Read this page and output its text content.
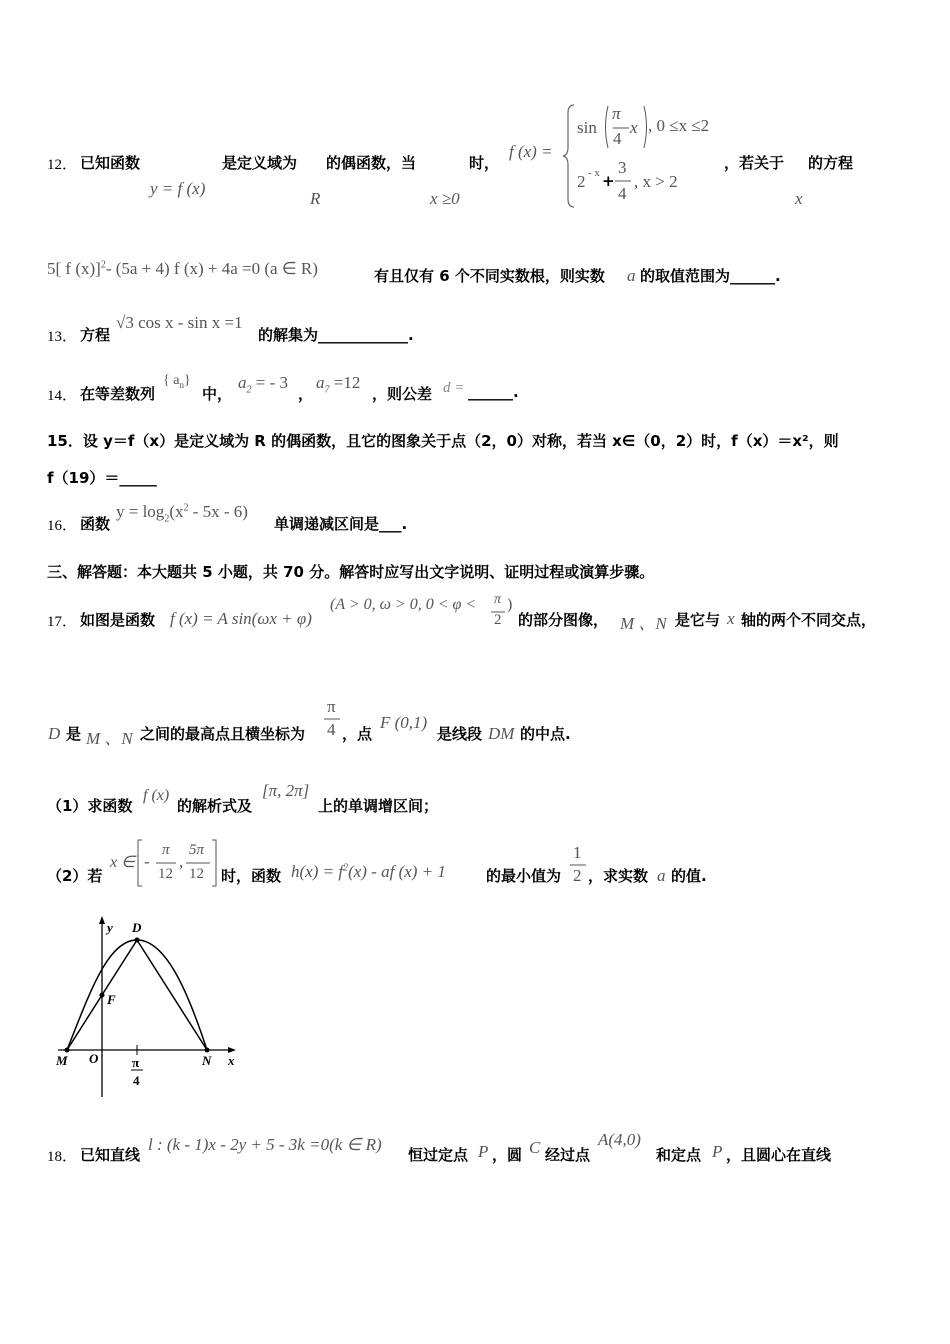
12． 已知函数
y = f (x)
是定义域为
R
的偶函数，当
x ≥0
时，
f (x) =
sin
π
4
x , 0 ≤x ≤2
2 - x +
3
4
, x > 2
，若关于
x
的方程
5[ f (x)]$^2$- (5a + 4) f (x) + 4a =0 (a ∈ R)	有且仅有 6 个不同实数根，则实数 a 的取值范围为______.
13． 方程
√3 cos x - sin x =1
的解集为____________.
14． 在等差数列
{ $a_n$}
中，
$a_2$ = - 3
，
$a_7 =12$
，则公差 d = ______.
15．设 y＝f（x）是定义域为 R 的偶函数，且它的图象关于点（2，0）对称，若当 x∈（0，2）时，f（x）＝x²，则
f（19）＝_____
16． 函数
$y = \log_2(x^2 - 5x - 6)$
单调递减区间是___.
三、解答题：本大题共 5 小题，共 70 分。解答时应写出文字说明、证明过程或演算步骤。
17． 如图是函数 f (x) = A sin(ωx + φ)
(A > 0, ω > 0, 0 < φ < π
2
)
的部分图像， M 、N 是它与 x 轴的两个不同交点，
D 是 M 、N 之间的最高点且横坐标为
π
4 ，点
F (0,1)
是线段 DM 的中点.
（1）求函数
f (x)
的解析式及
[π, 2π]
上的单调增区间；
（2）若
x ∈ -
π
12
,
5π
12 时，函数 $h(x) = f^2(x)$ - af (x) + 1	的最小值为
1
2 ，求实数 a 的值.
y D
F
M O	N x
π
4
18． 已知直线
l : (k - 1)x - 2y + 5 - 3k =0(k ∈ R)
恒过定点 P ，圆 C 经过点
A(4,0)
和定点 P ，且圆心在直线
